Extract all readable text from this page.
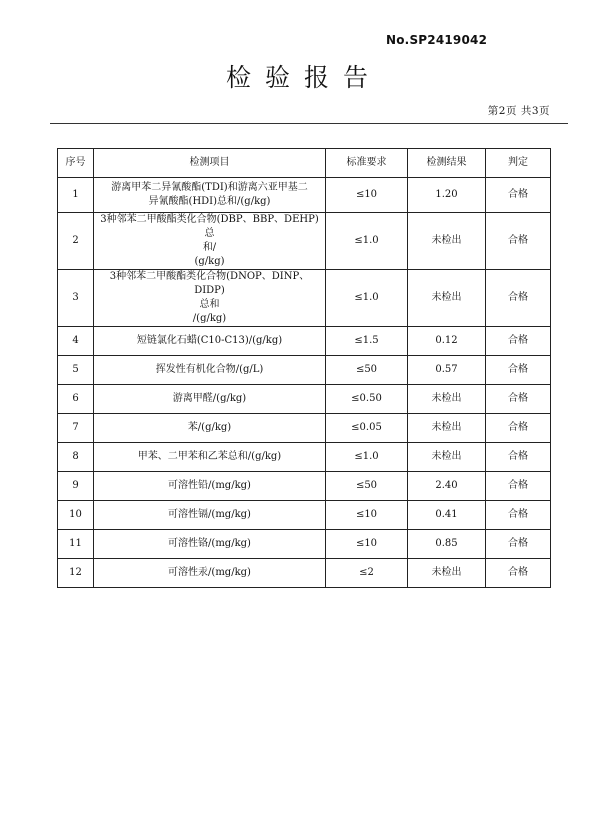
No.SP2419042
检验报告
第2页 共3页
序号	检测项目	标准要求	检测结果	判定
1	游离甲苯二异氰酸酯(TDI)和游离六亚甲基二
异氰酸酯(HDI)总和/(g/kg)	≤10	1.20	合格
2	3种邻苯二甲酸酯类化合物(DBP、BBP、DEHP)总
和/
(g/kg)	≤1.0	未检出	合格
3	3种邻苯二甲酸酯类化合物(DNOP、DINP、DIDP)
总和
/(g/kg)	≤1.0	未检出	合格
4	短链氯化石蜡(C10-C13)/(g/kg)	≤1.5	0.12	合格
5	挥发性有机化合物/(g/L)	≤50	0.57	合格
6	游离甲醛/(g/kg)	≤0.50	未检出	合格
7	苯/(g/kg)	≤0.05	未检出	合格
8	甲苯、二甲苯和乙苯总和/(g/kg)	≤1.0	未检出	合格
9	可溶性铅/(mg/kg)	≤50	2.40	合格
10	可溶性镉/(mg/kg)	≤10	0.41	合格
11	可溶性铬/(mg/kg)	≤10	0.85	合格
12	可溶性汞/(mg/kg)	≤2	未检出	合格
